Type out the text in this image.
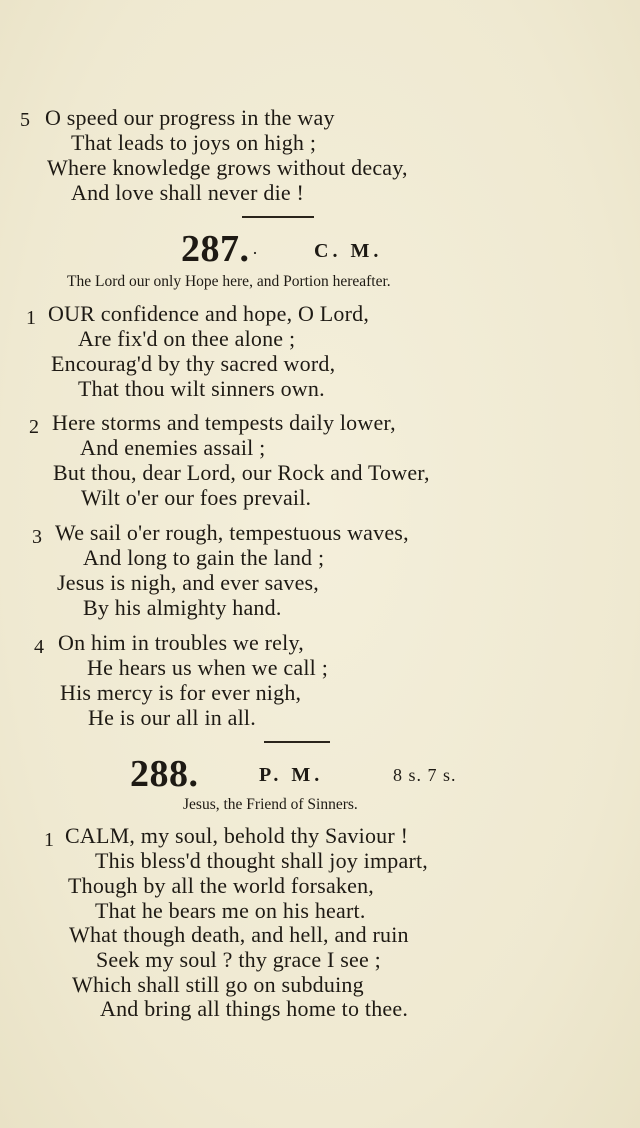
5 O speed our progress in the way
That leads to joys on high ;
Where knowledge grows without decay,
And love shall never die !
287. ·	C. M.
The Lord our only Hope here, and Portion hereafter.
1 OUR confidence and hope, O Lord,
Are fix'd on thee alone ;
Encourag'd by thy sacred word,
That thou wilt sinners own.
2 Here storms and tempests daily lower,
And enemies assail ;
But thou, dear Lord, our Rock and Tower,
Wilt o'er our foes prevail.
3 We sail o'er rough, tempestuous waves,
And long to gain the land ;
Jesus is nigh, and ever saves,
By his almighty hand.
4 On him in troubles we rely,
He hears us when we call ;
His mercy is for ever nigh,
He is our all in all.
288.	P. M.	8 s. 7 s.
Jesus, the Friend of Sinners.
1 CALM, my soul, behold thy Saviour !
This bless'd thought shall joy impart,
Though by all the world forsaken,
That he bears me on his heart.
What though death, and hell, and ruin
Seek my soul ? thy grace I see ;
Which shall still go on subduing
And bring all things home to thee.
